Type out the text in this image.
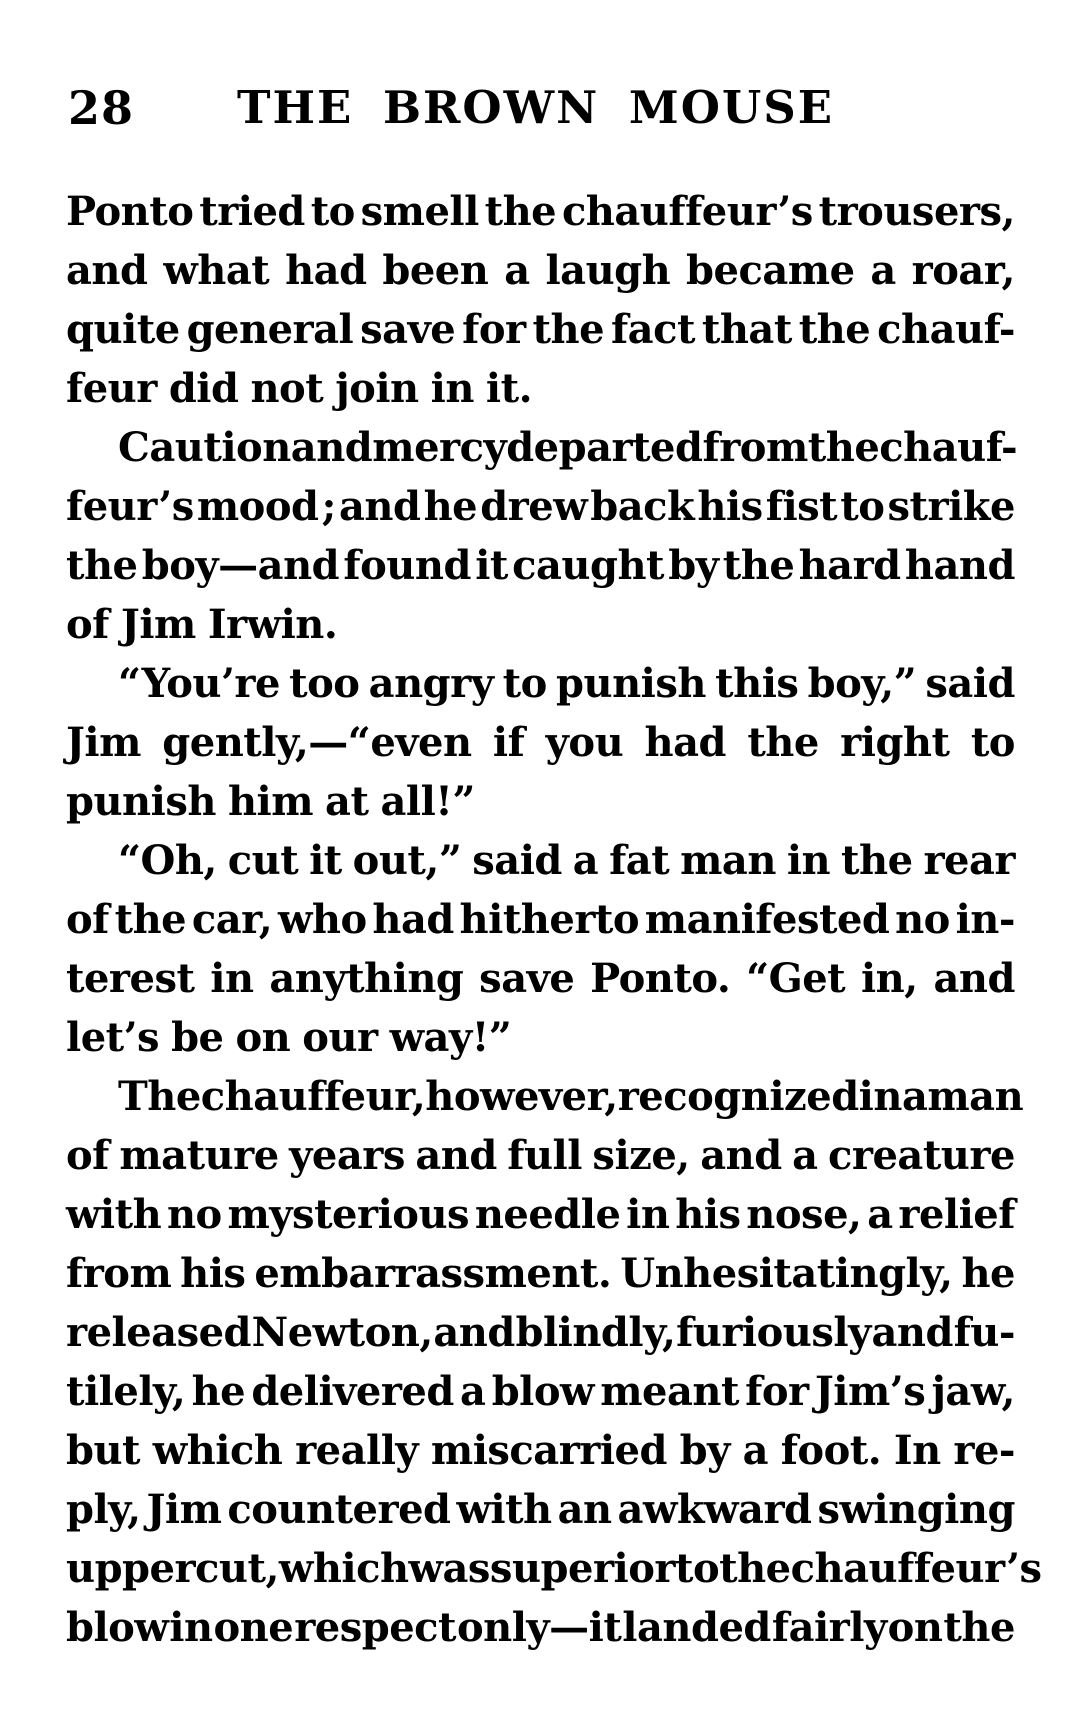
28	THE BROWN MOUSE
Ponto tried to smell the chauffeur’s trousers,
and what had been a laugh became a roar,
quite general save for the fact that the chauf-
feur did not join in it.
Caution and mercy departed from the chauf-
feur’s mood ; and he drew back his fist to strike
the boy—and found it caught by the hard hand
of Jim Irwin.
“You’re too angry to punish this boy,” said
Jim gently,—“even if you had the right to
punish him at all!”
“Oh, cut it out,” said a fat man in the rear
of the car, who had hitherto manifested no in-
terest in anything save Ponto. “Get in, and
let’s be on our way!”
The chauffeur, however, recognized in a man
of mature years and full size, and a creature
with no mysterious needle in his nose, a relief
from his embarrassment. Unhesitatingly, he
released Newton, and blindly, furiously and fu-
tilely, he delivered a blow meant for Jim’s jaw,
but which really miscarried by a foot. In re-
ply, Jim countered with an awkward swinging
uppercut, which was superior to the chauffeur’s
blow in one respect only—it landed fairly on the
